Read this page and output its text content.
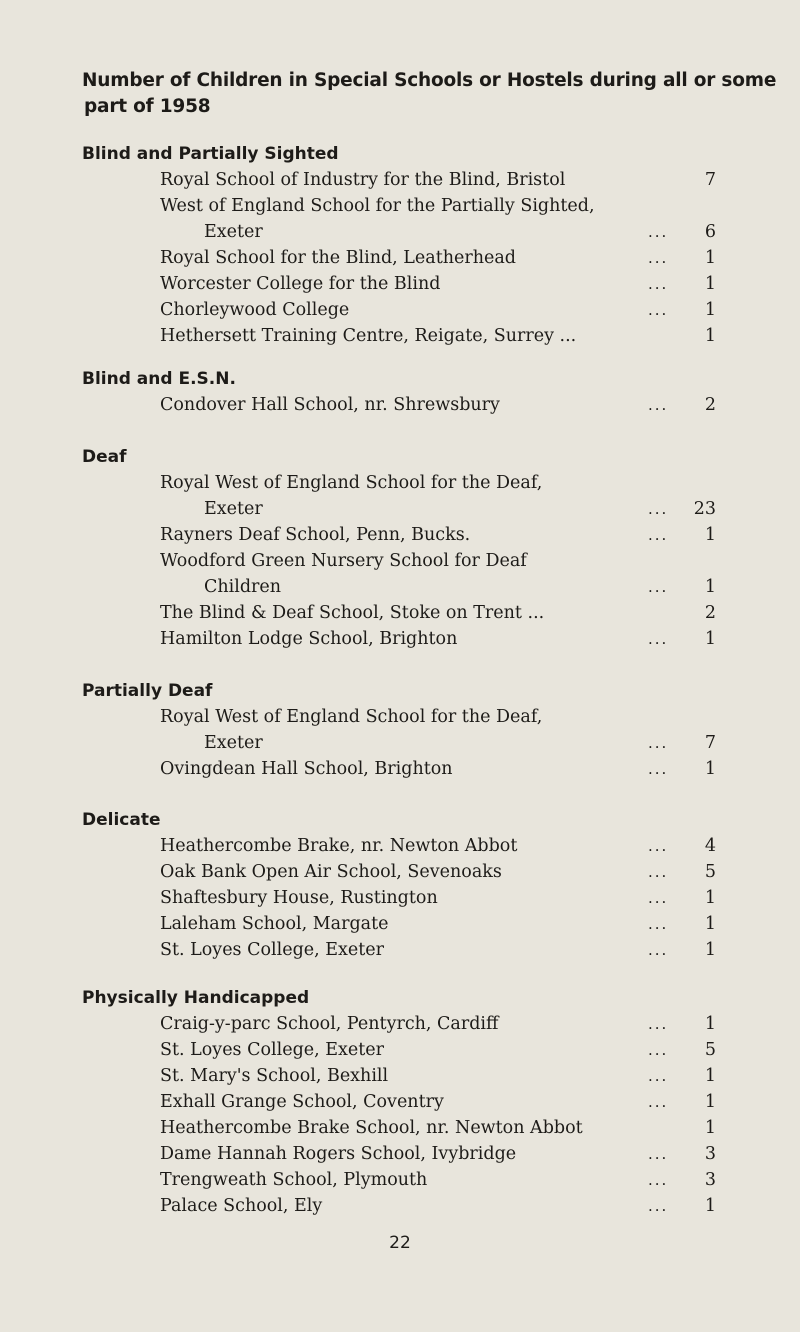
Number of Children in Special Schools or Hostels during all or some
part of 1958
Blind and Partially Sighted
Royal School of Industry for the Blind, Bristol	7
West of England School for the Partially Sighted,
Exeter	...	6
Royal School for the Blind, Leatherhead	...	1
Worcester College for the Blind	...	1
Chorleywood College	...	1
Hethersett Training Centre, Reigate, Surrey ...	1
Blind and E.S.N.
Condover Hall School, nr. Shrewsbury	...	2
Deaf
Royal West of England School for the Deaf,
Exeter	... 23
Rayners Deaf School, Penn, Bucks.	...	1
Woodford Green Nursery School for Deaf
Children	...	1
The Blind & Deaf School, Stoke on Trent ...	2
Hamilton Lodge School, Brighton	...	1
Partially Deaf
Royal West of England School for the Deaf,
Exeter	...	7
Ovingdean Hall School, Brighton	...	1
Delicate
Heathercombe Brake, nr. Newton Abbot	...	4
Oak Bank Open Air School, Sevenoaks	...	5
Shaftesbury House, Rustington	...	1
Laleham School, Margate	...	1
St. Loyes College, Exeter	...	1
Physically Handicapped
Craig-y-parc School, Pentyrch, Cardiff	...	1
St. Loyes College, Exeter	...	5
St. Mary's School, Bexhill	...	1
Exhall Grange School, Coventry	...	1
Heathercombe Brake School, nr. Newton Abbot	1
Dame Hannah Rogers School, Ivybridge	...	3
Trengweath School, Plymouth	...	3
Palace School, Ely	...	1
22
